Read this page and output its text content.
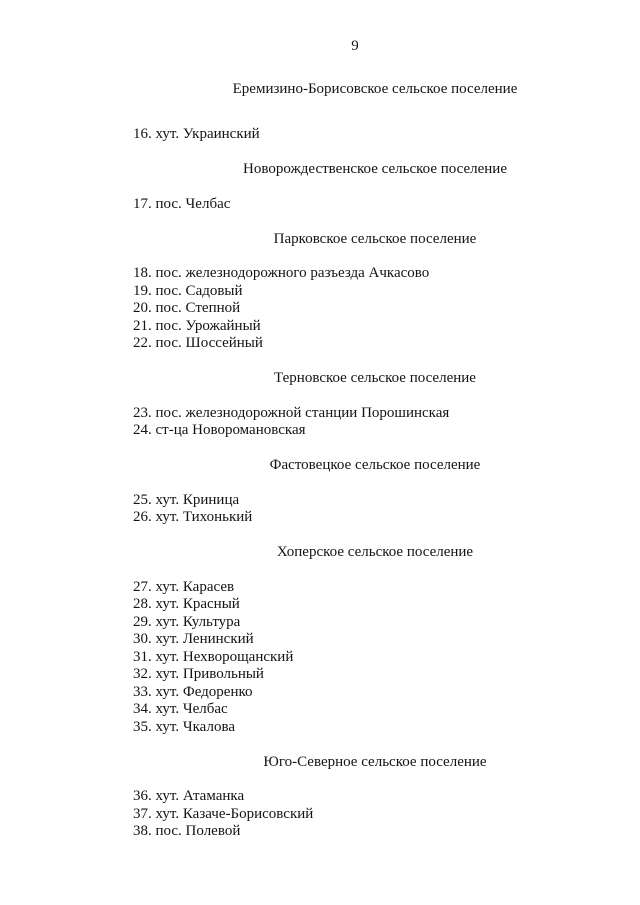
9
Еремизино-Борисовское сельское поселение
16. хут. Украинский
Новорождественское сельское поселение
17. пос. Челбас
Парковское сельское поселение
18. пос. железнодорожного разъезда Ачкасово
19. пос. Садовый
20. пос. Степной
21. пос. Урожайный
22. пос. Шоссейный
Терновское сельское поселение
23. пос. железнодорожной станции Порошинская
24. ст-ца Новоромановская
Фастовецкое сельское поселение
25. хут. Криница
26. хут. Тихонький
Хоперское сельское поселение
27. хут. Карасев
28. хут. Красный
29. хут. Культура
30. хут. Ленинский
31. хут. Нехворощанский
32. хут. Привольный
33. хут. Федоренко
34. хут. Челбас
35. хут. Чкалова
Юго-Северное сельское поселение
36. хут. Атаманка
37. хут. Казаче-Борисовский
38. пос. Полевой
